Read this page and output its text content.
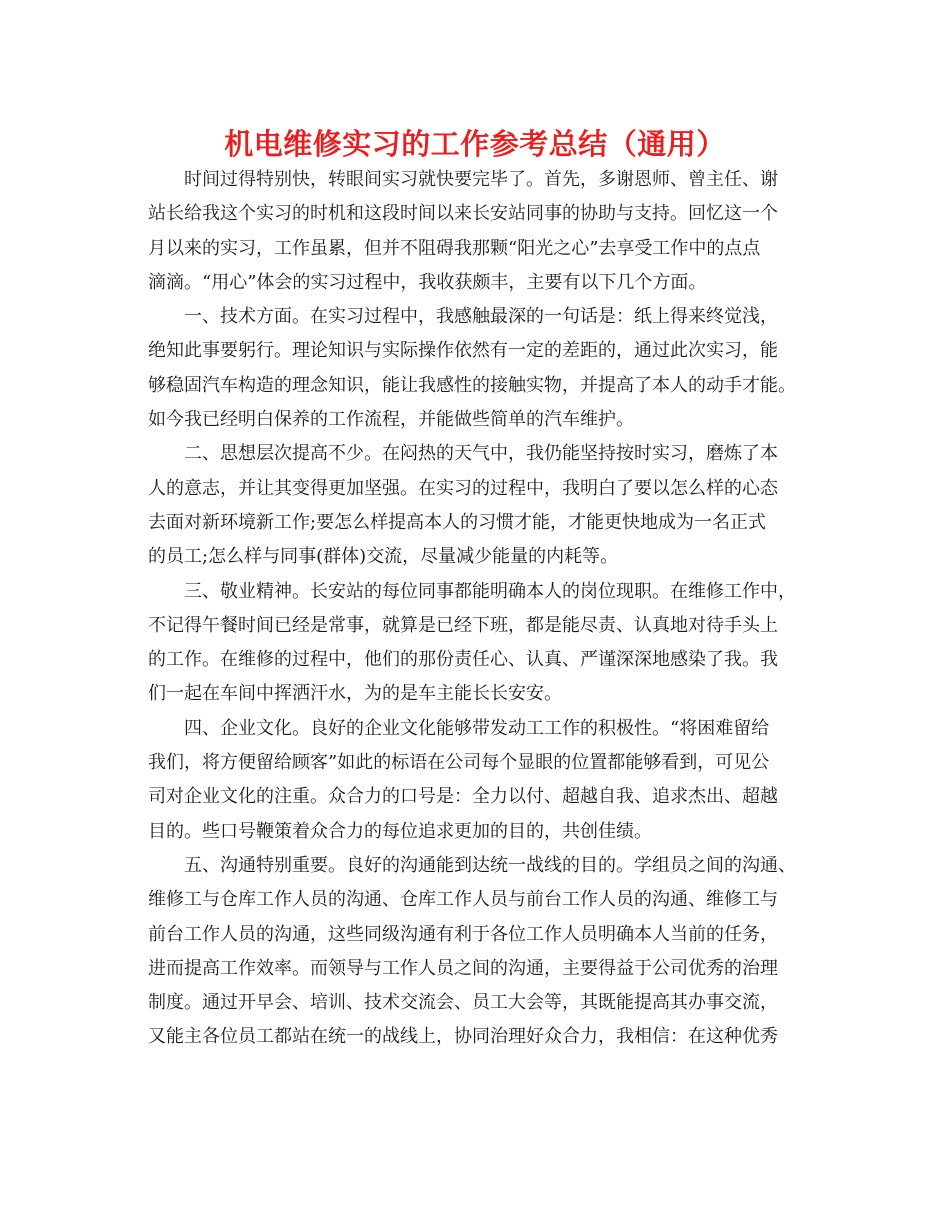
机电维修实习的工作参考总结（通用）
时间过得特别快，转眼间实习就快要完毕了。首先，多谢恩师、曾主任、谢
站长给我这个实习的时机和这段时间以来长安站同事的协助与支持。回忆这一个
月以来的实习，工作虽累，但并不阻碍我那颗“阳光之心”去享受工作中的点点
滴滴。“用心”体会的实习过程中，我收获颇丰，主要有以下几个方面。
一、技术方面。在实习过程中，我感触最深的一句话是：纸上得来终觉浅，
绝知此事要躬行。理论知识与实际操作依然有一定的差距的，通过此次实习，能
够稳固汽车构造的理念知识，能让我感性的接触实物，并提高了本人的动手才能。
如今我已经明白保养的工作流程，并能做些简单的汽车维护。
二、思想层次提高不少。在闷热的天气中，我仍能坚持按时实习，磨炼了本
人的意志，并让其变得更加坚强。在实习的过程中，我明白了要以怎么样的心态
去面对新环境新工作;要怎么样提高本人的习惯才能，才能更快地成为一名正式
的员工;怎么样与同事(群体)交流，尽量减少能量的内耗等。
三、敬业精神。长安站的每位同事都能明确本人的岗位现职。在维修工作中，
不记得午餐时间已经是常事，就算是已经下班，都是能尽责、认真地对待手头上
的工作。在维修的过程中，他们的那份责任心、认真、严谨深深地感染了我。我
们一起在车间中挥洒汗水，为的是车主能长长安安。
四、企业文化。良好的企业文化能够带发动工工作的积极性。“将困难留给
我们，将方便留给顾客”如此的标语在公司每个显眼的位置都能够看到，可见公
司对企业文化的注重。众合力的口号是：全力以付、超越自我、追求杰出、超越
目的。些口号鞭策着众合力的每位追求更加的目的，共创佳绩。
五、沟通特别重要。良好的沟通能到达统一战线的目的。学组员之间的沟通、
维修工与仓库工作人员的沟通、仓库工作人员与前台工作人员的沟通、维修工与
前台工作人员的沟通，这些同级沟通有利于各位工作人员明确本人当前的任务，
进而提高工作效率。而领导与工作人员之间的沟通，主要得益于公司优秀的治理
制度。通过开早会、培训、技术交流会、员工大会等，其既能提高其办事交流，
又能主各位员工都站在统一的战线上，协同治理好众合力，我相信：在这种优秀
